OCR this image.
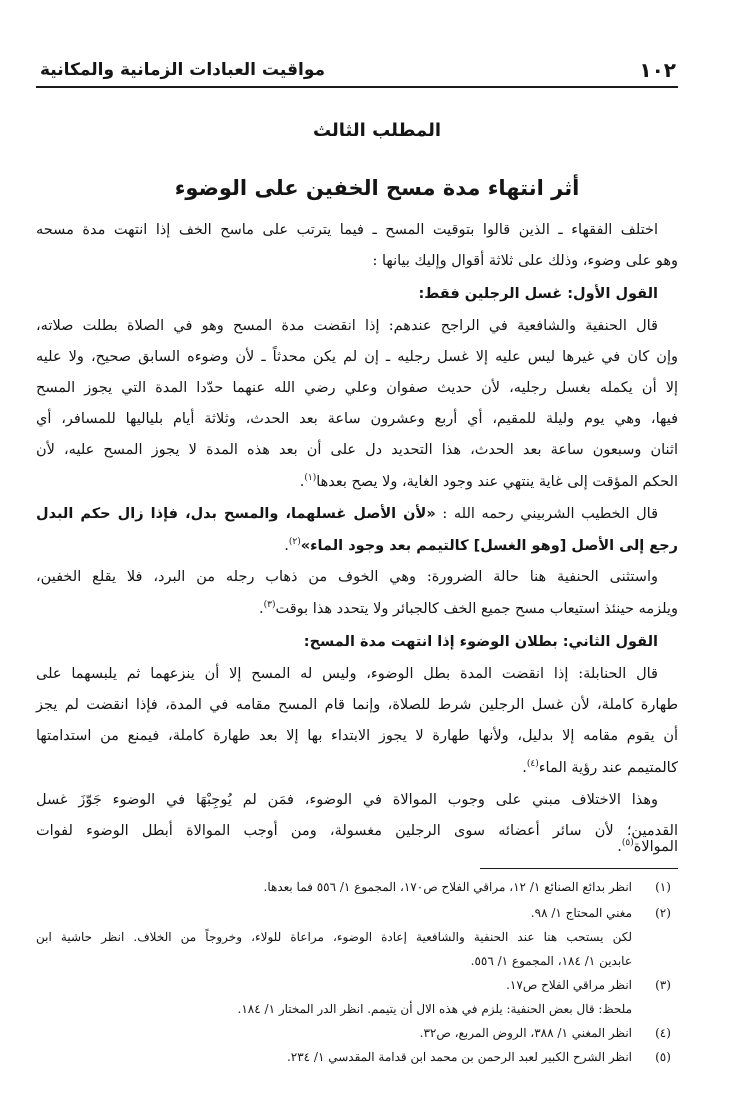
١٠٢
مواقيت العبادات الزمانية والمكانية
المطلب الثالث
أثر انتهاء مدة مسح الخفين على الوضوء
اختلف الفقهاء ـ الذين قالوا بتوقيت المسح ـ فيما يترتب على ماسح الخف إذا انتهت مدة مسحه
وهو على وضوء، وذلك على ثلاثة أقوال وإليك بيانها :
القول الأول: غسل الرجلين فقط:
قال الحنفية والشافعية في الراجح عندهم: إذا انقضت مدة المسح وهو في الصلاة بطلت صلاته،
وإن كان في غيرها ليس عليه إلا غسل رجليه ـ إن لم يكن محدثاً ـ لأن وضوءه السابق صحيح، ولا عليه
إلا أن يكمله بغسل رجليه، لأن حديث صفوان وعلي رضي الله عنهما حدّدا المدة التي يجوز المسح
فيها، وهي يوم وليلة للمقيم، أي أربع وعشرون ساعة بعد الحدث، وثلاثة أيام بلياليها للمسافر، أي
اثنان وسبعون ساعة بعد الحدث، هذا التحديد دل على أن بعد هذه المدة لا يجوز المسح عليه، لأن
الحكم المؤقت إلى غاية ينتهي عند وجود الغاية، ولا يصح بعدها$^{(١)}$.
قال الخطيب الشربيني رحمه الله : «لأن الأصل غسلهما، والمسح بدل، فإذا زال حكم البدل
رجع إلى الأصل [وهو الغسل] كالتيمم بعد وجود الماء»$^{(٢)}$.
واستثنى الحنفية هنا حالة الضرورة: وهي الخوف من ذهاب رجله من البرد، فلا يقلع الخفين،
ويلزمه حينئذ استيعاب مسح جميع الخف كالجبائر ولا يتحدد هذا بوقت$^{(٣)}$.
القول الثاني: بطلان الوضوء إذا انتهت مدة المسح:
قال الحنابلة: إذا انقضت المدة بطل الوضوء، وليس له المسح إلا أن ينزعهما ثم يلبسهما على
طهارة كاملة، لأن غسل الرجلين شرط للصلاة، وإنما قام المسح مقامه في المدة، فإذا انقضت لم يجز
أن يقوم مقامه إلا بدليل، ولأنها طهارة لا يجوز الابتداء بها إلا بعد طهارة كاملة، فيمنع من استدامتها
كالمتيمم عند رؤية الماء$^{(٤)}$.
وهذا الاختلاف مبني على وجوب الموالاة في الوضوء، فمَن لم يُوجِبْهَا في الوضوء جَوّزَ غسل
القدمين؛ لأن سائر أعضائه سوى الرجلين مغسولة، ومن أوجب الموالاة أبطل الوضوء لفوات
(١)
انظر بدائع الصنائع ١/ ١٢، مراقي الفلاح ص١٧٠، المجموع ١/ ٥٥٦ فما بعدها.
(٢)
مغني المحتاج ١/ ٩٨.
لكن يستحب هنا عند الحنفية والشافعية إعادة الوضوء، مراعاة للولاء، وخروجاً من الخلاف. انظر حاشية ابن
عابدين ١/ ١٨٤، المجموع ١/ ٥٥٦.
(٣)
انظر مراقي الفلاح ص١٧.
ملحظ: قال بعض الحنفية: يلزم في هذه الال أن يتيمم. انظر الدر المختار ١/ ١٨٤.
(٤)
انظر المغني ١/ ٣٨٨، الروض المربع، ص٣٢.
(٥)
انظر الشرح الكبير لعبد الرحمن بن محمد ابن قدامة المقدسي ١/ ٢٣٤.
الموالاة$^{(٥)}$.
